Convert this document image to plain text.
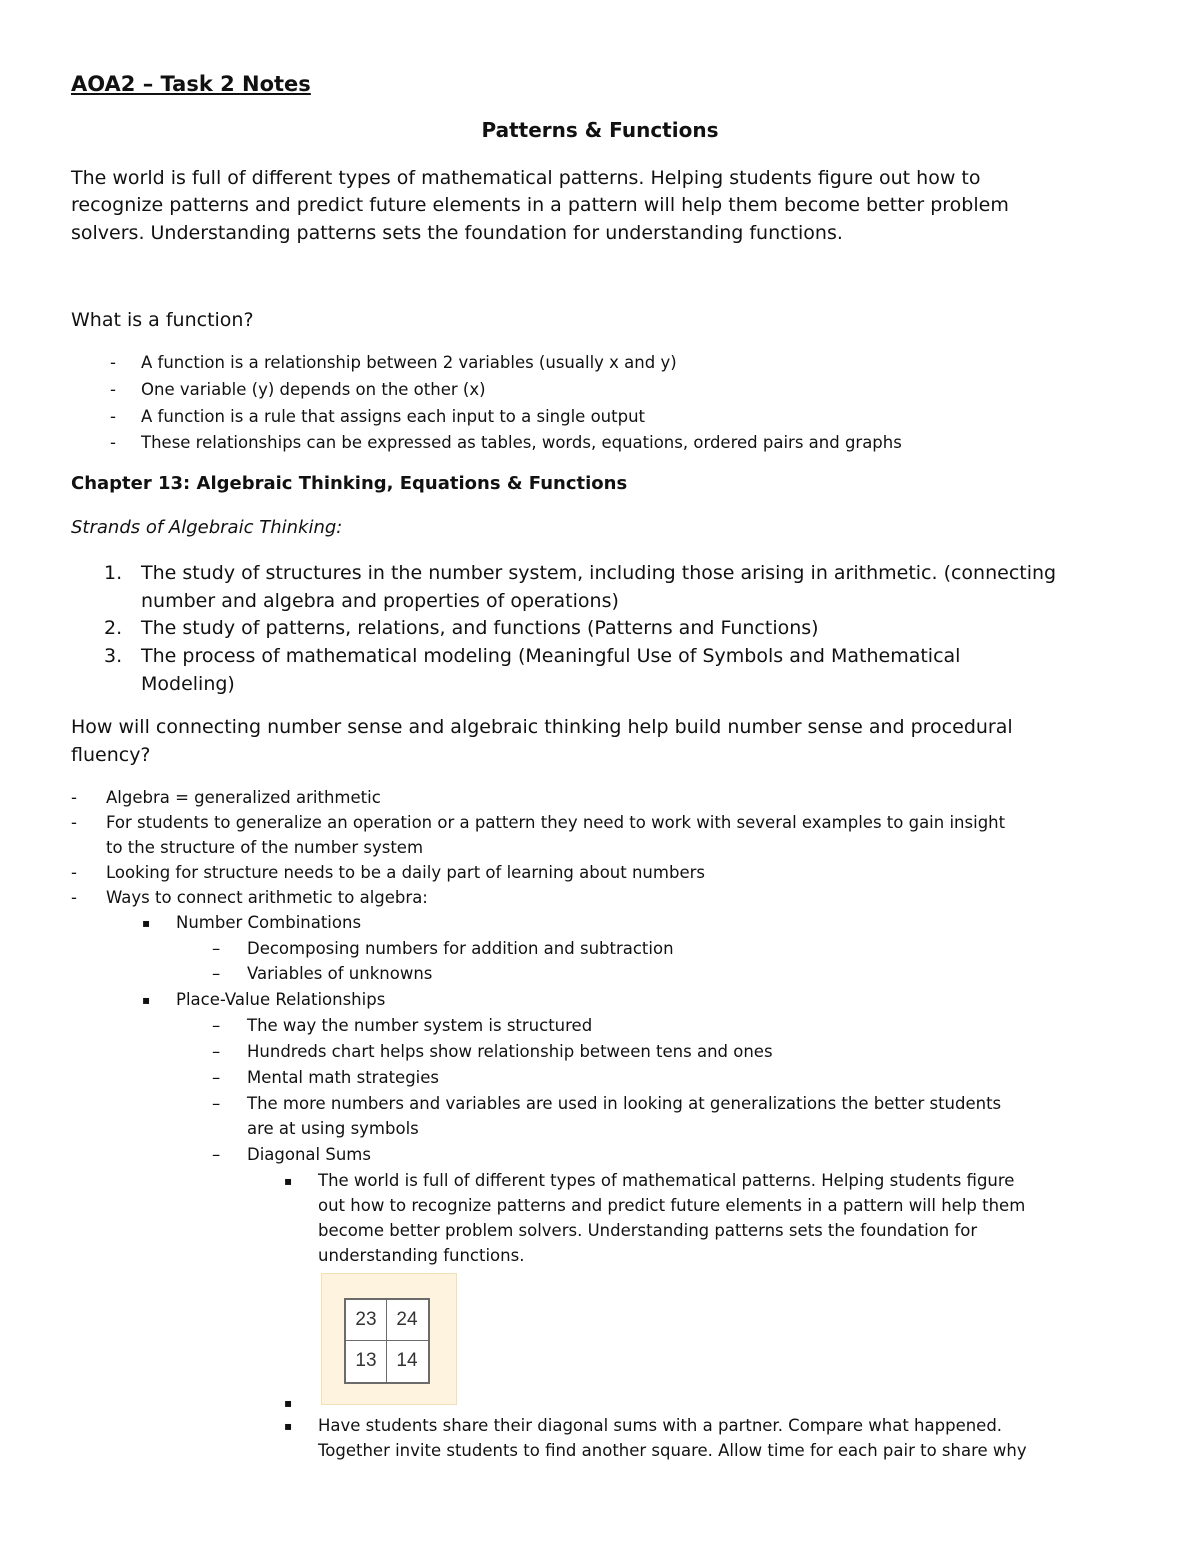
AOA2 – Task 2 Notes
Patterns & Functions
The world is full of different types of mathematical patterns. Helping students figure out how to
recognize patterns and predict future elements in a pattern will help them become better problem
solvers. Understanding patterns sets the foundation for understanding functions.
What is a function?
- A function is a relationship between 2 variables (usually x and y)
- One variable (y) depends on the other (x)
- A function is a rule that assigns each input to a single output
- These relationships can be expressed as tables, words, equations, ordered pairs and graphs
Chapter 13: Algebraic Thinking, Equations & Functions
Strands of Algebraic Thinking:
1. The study of structures in the number system, including those arising in arithmetic. (connecting
number and algebra and properties of operations)
2. The study of patterns, relations, and functions (Patterns and Functions)
3. The process of mathematical modeling (Meaningful Use of Symbols and Mathematical
Modeling)
How will connecting number sense and algebraic thinking help build number sense and procedural
fluency?
- Algebra = generalized arithmetic
- For students to generalize an operation or a pattern they need to work with several examples to gain insight
to the structure of the number system
- Looking for structure needs to be a daily part of learning about numbers
- Ways to connect arithmetic to algebra:
▪ Number Combinations
– Decomposing numbers for addition and subtraction
– Variables of unknowns
▪ Place-Value Relationships
– The way the number system is structured
– Hundreds chart helps show relationship between tens and ones
– Mental math strategies
– The more numbers and variables are used in looking at generalizations the better students
are at using symbols
– Diagonal Sums
▪ The world is full of different types of mathematical patterns. Helping students figure
out how to recognize patterns and predict future elements in a pattern will help them
become better problem solvers. Understanding patterns sets the foundation for
understanding functions.
23	24
13	14
▪
▪ Have students share their diagonal sums with a partner. Compare what happened.
Together invite students to find another square. Allow time for each pair to share why
